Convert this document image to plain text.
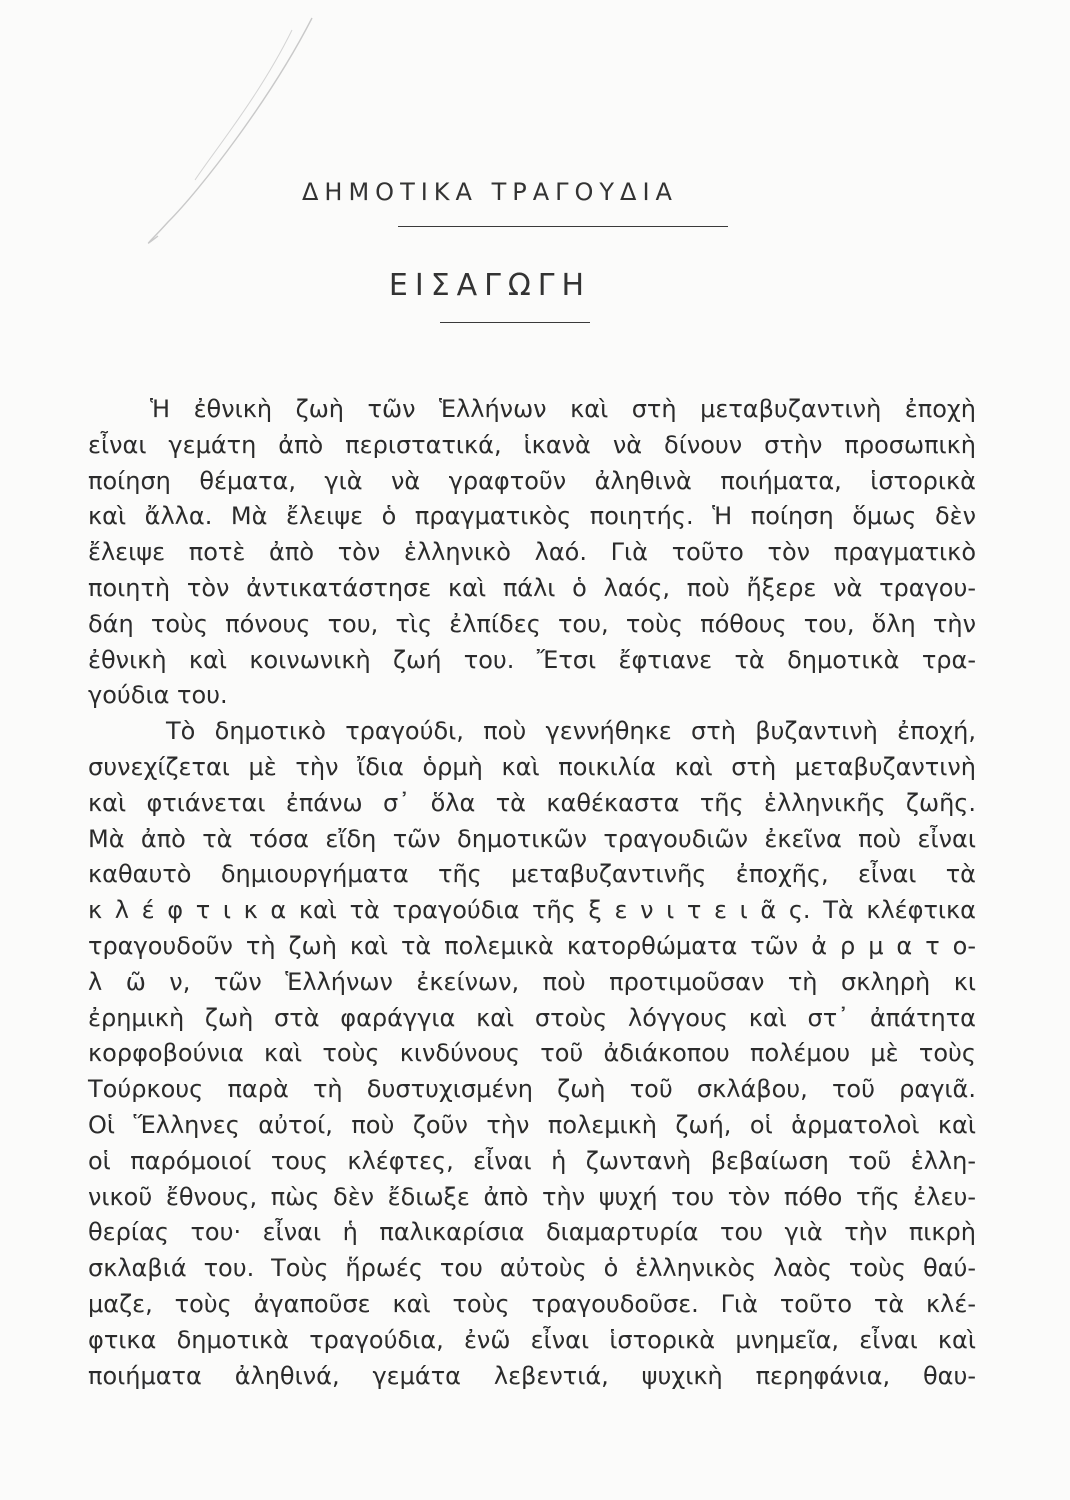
ΔΗΜΟΤΙΚΑ ΤΡΑΓΟΥΔΙΑ
ΕΙΣΑΓΩΓΗ
Ἡ ἐθνικὴ ζωὴ τῶν Ἑλλήνων καὶ στὴ μεταβυζαντινὴ ἐποχὴ
εἶναι γεμάτη ἀπὸ περιστατικά, ἱκανὰ νὰ δίνουν στὴν προσωπικὴ
ποίηση θέματα, γιὰ νὰ γραφτοῦν ἀληθινὰ ποιήματα, ἱστορικὰ
καὶ ἄλλα. Μὰ ἔλειψε ὁ πραγματικὸς ποιητής. Ἡ ποίηση ὅμως δὲν
ἔλειψε ποτὲ ἀπὸ τὸν ἑλληνικὸ λαό. Γιὰ τοῦτο τὸν πραγματικὸ
ποιητὴ τὸν ἀντικατάστησε καὶ πάλι ὁ λαός, ποὺ ἤξερε νὰ τραγου-
δάη τοὺς πόνους του, τὶς ἐλπίδες του, τοὺς πόθους του, ὅλη τὴν
ἐθνικὴ καὶ κοινωνικὴ ζωή του. Ἔτσι ἔφτιανε τὰ δημοτικὰ τρα-
γούδια του.
Τὸ δημοτικὸ τραγούδι, ποὺ γεννήθηκε στὴ βυζαντινὴ ἐποχή,
συνεχίζεται μὲ τὴν ἴδια ὁρμὴ καὶ ποικιλία καὶ στὴ μεταβυζαντινὴ
καὶ φτιάνεται ἐπάνω σ᾽ ὅλα τὰ καθέκαστα τῆς ἑλληνικῆς ζωῆς.
Μὰ ἀπὸ τὰ τόσα εἴδη τῶν δημοτικῶν τραγουδιῶν ἐκεῖνα ποὺ εἶναι
καθαυτὸ δημιουργήματα τῆς μεταβυζαντινῆς ἐποχῆς, εἶναι τὰ
κ λ έ φ τ ι κ α καὶ τὰ τραγούδια τῆς ξ ε ν ι τ ε ι ᾶ ς. Τὰ κλέφτικα
τραγουδοῦν τὴ ζωὴ καὶ τὰ πολεμικὰ κατορθώματα τῶν ἀ ρ μ α τ ο-
λ ῶ ν, τῶν Ἑλλήνων ἐκείνων, ποὺ προτιμοῦσαν τὴ σκληρὴ κι
ἐρημικὴ ζωὴ στὰ φαράγγια καὶ στοὺς λόγγους καὶ στ᾽ ἀπάτητα
κορφοβούνια καὶ τοὺς κινδύνους τοῦ ἀδιάκοπου πολέμου μὲ τοὺς
Τούρκους παρὰ τὴ δυστυχισμένη ζωὴ τοῦ σκλάβου, τοῦ ραγιᾶ.
Οἱ Ἕλληνες αὐτοί, ποὺ ζοῦν τὴν πολεμικὴ ζωή, οἱ ἁρματολοὶ καὶ
οἱ παρόμοιοί τους κλέφτες, εἶναι ἡ ζωντανὴ βεβαίωση τοῦ ἑλλη-
νικοῦ ἔθνους, πὼς δὲν ἔδιωξε ἀπὸ τὴν ψυχή του τὸν πόθο τῆς ἐλευ-
θερίας του· εἶναι ἡ παλικαρίσια διαμαρτυρία του γιὰ τὴν πικρὴ
σκλαβιά του. Τοὺς ἥρωές του αὐτοὺς ὁ ἑλληνικὸς λαὸς τοὺς θαύ-
μαζε, τοὺς ἀγαποῦσε καὶ τοὺς τραγουδοῦσε. Γιὰ τοῦτο τὰ κλέ-
φτικα δημοτικὰ τραγούδια, ἐνῶ εἶναι ἱστορικὰ μνημεῖα, εἶναι καὶ
ποιήματα ἀληθινά, γεμάτα λεβεντιά, ψυχικὴ περηφάνια, θαυ-
